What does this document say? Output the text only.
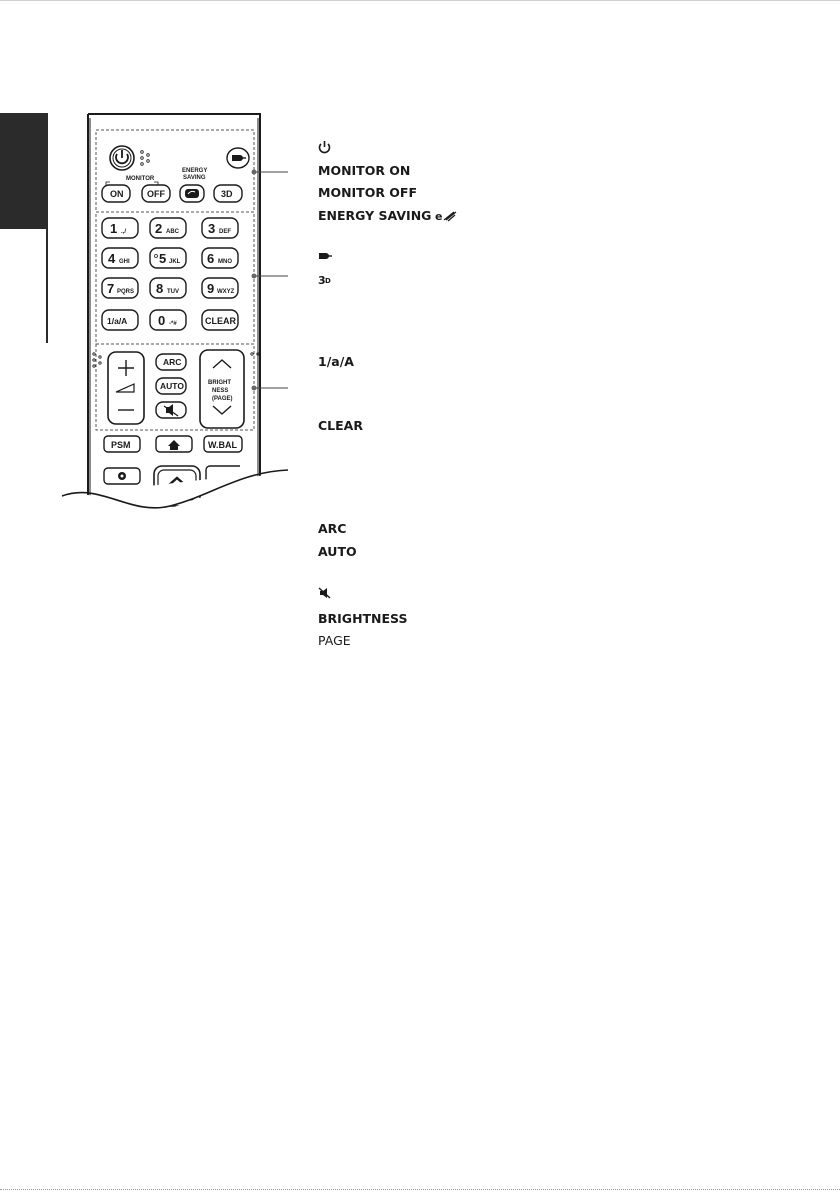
MONITOR
ENERGY
SAVING
ON	OFF	3D
1 .,/ 2 ABC 3 DEF
4 GHI 5 JKL 6 MNO
7 PQRS 8 TUV 9 WXYZ
1/a/A 0 -*#	CLEAR
ARC
AUTO	BRIGHT
NESS
(PAGE)
PSM	W.BAL
MONITOR ON
MONITOR OFF
ENERGY SAVING e
3 D
1/a/A
CLEAR
ARC
AUTO
BRIGHTNESS
PAGE
